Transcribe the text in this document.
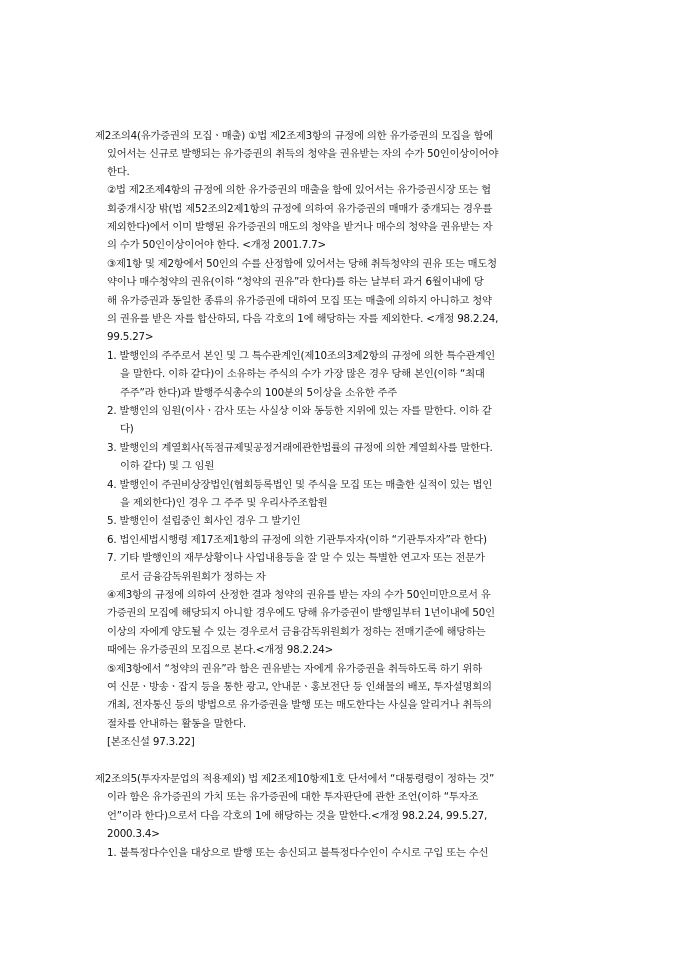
제2조의4(유가증권의 모집ㆍ매출) ①법 제2조제3항의 규정에 의한 유가증권의 모집을 함에
있어서는 신규로 발행되는 유가증권의 취득의 청약을 권유받는 자의 수가 50인이상이어야
한다.
②법 제2조제4항의 규정에 의한 유가증권의 매출을 함에 있어서는 유가증권시장 또는 협
회중개시장 밖(법 제52조의2제1항의 규정에 의하여 유가증권의 매매가 중개되는 경우를
제외한다)에서 이미 발행된 유가증권의 매도의 청약을 받거나 매수의 청약을 권유받는 자
의 수가 50인이상이어야 한다. <개정 2001.7.7>
③제1항 및 제2항에서 50인의 수를 산정함에 있어서는 당해 취득청약의 권유 또는 매도청
약이나 매수청약의 권유(이하 “청약의 권유”라 한다)를 하는 날부터 과거 6월이내에 당
해 유가증권과 동일한 종류의 유가증권에 대하여 모집 또는 매출에 의하지 아니하고 청약
의 권유를 받은 자를 합산하되, 다음 각호의 1에 해당하는 자를 제외한다. <개정 98.2.24,
99.5.27>
1. 발행인의 주주로서 본인 및 그 특수관계인(제10조의3제2항의 규정에 의한 특수관계인
을 말한다. 이하 같다)이 소유하는 주식의 수가 가장 많은 경우 당해 본인(이하 “최대
주주”라 한다)과 발행주식총수의 100분의 5이상을 소유한 주주
2. 발행인의 임원(이사ㆍ감사 또는 사실상 이와 동등한 지위에 있는 자를 말한다. 이하 같
다)
3. 발행인의 계열회사(독점규제및공정거래에관한법률의 규정에 의한 계열회사를 말한다.
이하 같다) 및 그 임원
4. 발행인이 주권비상장법인(협회등록법인 및 주식을 모집 또는 매출한 실적이 있는 법인
을 제외한다)인 경우 그 주주 및 우리사주조합원
5. 발행인이 설립중인 회사인 경우 그 발기인
6. 법인세법시행령 제17조제1항의 규정에 의한 기관투자자(이하 “기관투자자”라 한다)
7. 기타 발행인의 재무상황이나 사업내용등을 잘 알 수 있는 특별한 연고자 또는 전문가
로서 금융감독위원회가 정하는 자
④제3항의 규정에 의하여 산정한 결과 청약의 권유를 받는 자의 수가 50인미만으로서 유
가증권의 모집에 해당되지 아니할 경우에도 당해 유가증권이 발행일부터 1년이내에 50인
이상의 자에게 양도될 수 있는 경우로서 금융감독위원회가 정하는 전매기준에 해당하는
때에는 유가증권의 모집으로 본다.<개정 98.2.24>
⑤제3항에서 “청약의 권유”라 함은 권유받는 자에게 유가증권을 취득하도록 하기 위하
여 신문ㆍ방송ㆍ잡지 등을 통한 광고, 안내문ㆍ홍보전단 등 인쇄물의 배포, 투자설명회의
개최, 전자통신 등의 방법으로 유가증권을 발행 또는 매도한다는 사실을 알리거나 취득의
절차를 안내하는 활동을 말한다.
[본조신설 97.3.22]
제2조의5(투자자문업의 적용제외) 법 제2조제10항제1호 단서에서 “대통령령이 정하는 것”
이라 함은 유가증권의 가치 또는 유가증권에 대한 투자판단에 관한 조언(이하 “투자조
언”이라 한다)으로서 다음 각호의 1에 해당하는 것을 말한다.<개정 98.2.24, 99.5.27,
2000.3.4>
1. 불특정다수인을 대상으로 발행 또는 송신되고 불특정다수인이 수시로 구입 또는 수신
